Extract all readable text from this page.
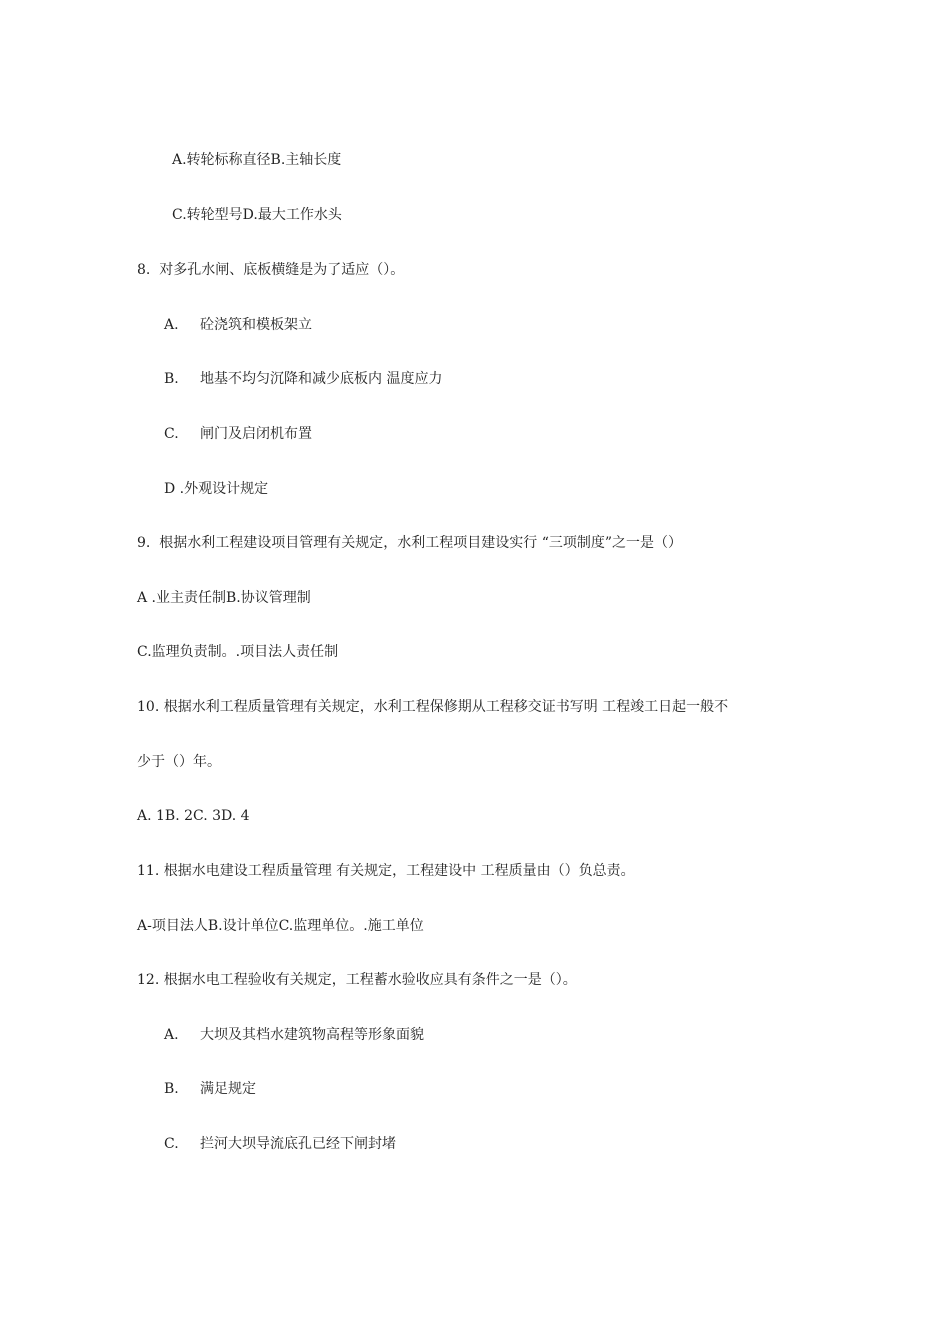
A.转轮标称直径B.主轴长度
C.转轮型号D.最大工作水头
8.  对多孔水闸、底板横缝是为了适应（）。
A. 砼浇筑和模板架立
B. 地基不均匀沉降和减少底板内 温度应力
C. 闸门及启闭机布置
D .外观设计规定
9.  根据水利工程建设项目管理有关规定，水利工程项目建设实行 “三项制度”之一是（）
A .业主责任制B.协议管理制
C.监理负责制。.项目法人责任制
10. 根据水利工程质量管理有关规定，水利工程保修期从工程移交证书写明 工程竣工日起一般不
少于（）年。
A. 1B. 2C. 3D. 4
11. 根据水电建设工程质量管理 有关规定，工程建设中 工程质量由（）负总责。
A-项目法人B.设计单位C.监理单位。.施工单位
12. 根据水电工程验收有关规定，工程蓄水验收应具有条件之一是（）。
A. 大坝及其档水建筑物高程等形象面貌
B. 满足规定
C. 拦河大坝导流底孔已经下闸封堵
